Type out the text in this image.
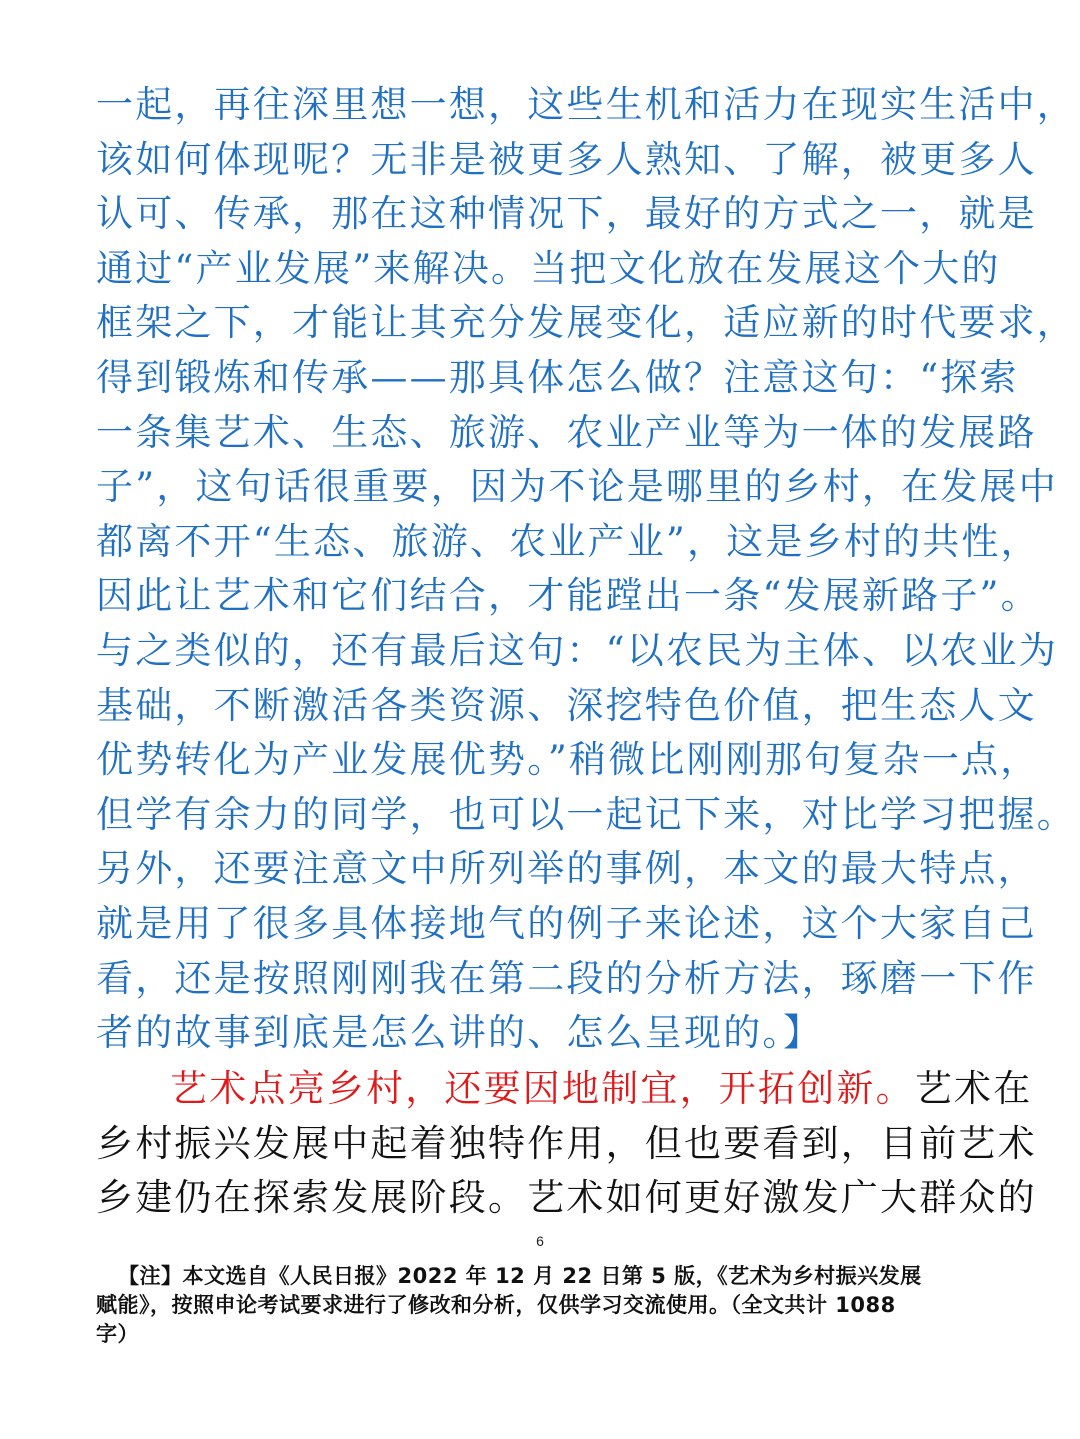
一起，再往深里想一想，这些生机和活力在现实生活中，
该如何体现呢？无非是被更多人熟知、了解，被更多人
认可、传承，那在这种情况下，最好的方式之一，就是
通过“产业发展”来解决。当把文化放在发展这个大的
框架之下，才能让其充分发展变化，适应新的时代要求，
得到锻炼和传承——那具体怎么做？注意这句：“探索
一条集艺术、生态、旅游、农业产业等为一体的发展路
子”，这句话很重要，因为不论是哪里的乡村，在发展中
都离不开“生态、旅游、农业产业”，这是乡村的共性，
因此让艺术和它们结合，才能蹚出一条“发展新路子”。
与之类似的，还有最后这句：“以农民为主体、以农业为
基础，不断激活各类资源、深挖特色价值，把生态人文
优势转化为产业发展优势。”稍微比刚刚那句复杂一点，
但学有余力的同学，也可以一起记下来，对比学习把握。
另外，还要注意文中所列举的事例，本文的最大特点，
就是用了很多具体接地气的例子来论述，这个大家自己
看，还是按照刚刚我在第二段的分析方法，琢磨一下作
者的故事到底是怎么讲的、怎么呈现的。】
艺术点亮乡村，还要因地制宜，开拓创新。艺术在
乡村振兴发展中起着独特作用，但也要看到，目前艺术
乡建仍在探索发展阶段。艺术如何更好激发广大群众的
6
【注】本文选自《人民日报》2022 年 12 月 22 日第 5 版，《艺术为乡村振兴发展
赋能》，按照申论考试要求进行了修改和分析，仅供学习交流使用。（全文共计 1088
字）
